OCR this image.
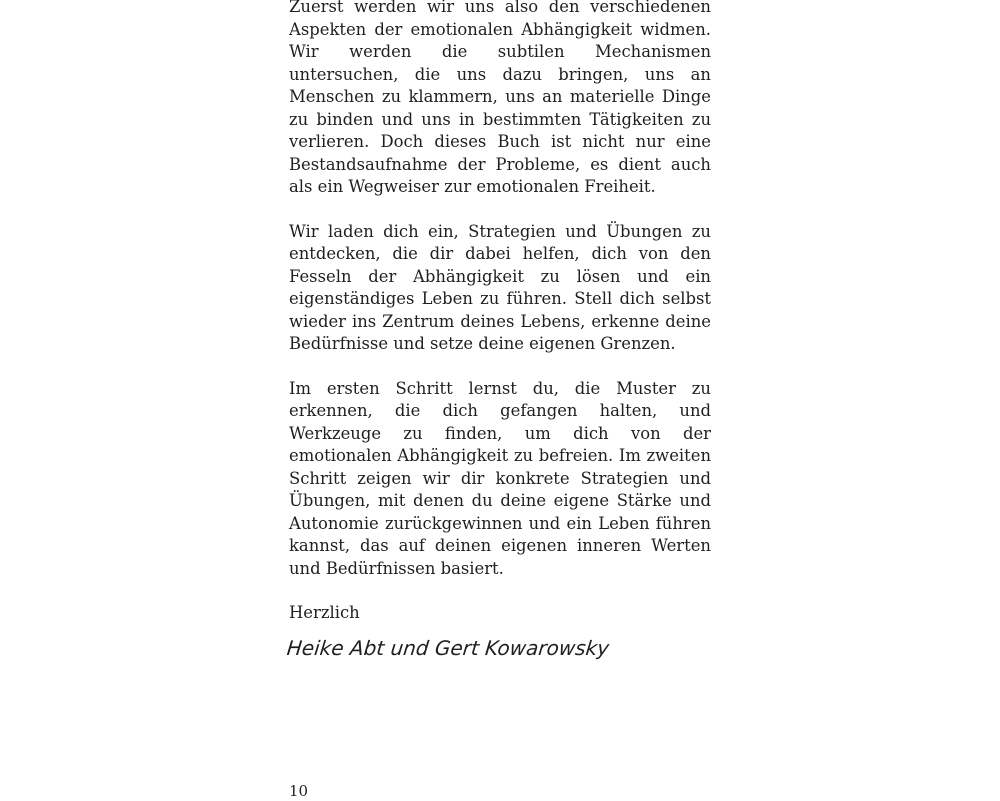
Zuerst werden wir uns also den verschiedenen Aspekten der emotionalen Abhängigkeit widmen. Wir werden die subtilen Mechanismen untersuchen, die uns dazu bringen, uns an Menschen zu klammern, uns an materielle Dinge zu binden und uns in bestimmten Tätigkeiten zu verlieren. Doch dieses Buch ist nicht nur eine Bestandsaufnahme der Probleme, es dient auch als ein Wegweiser zur emotionalen Freiheit.

Wir laden dich ein, Strategien und Übungen zu entdecken, die dir dabei helfen, dich von den Fesseln der Abhängigkeit zu lösen und ein eigenständiges Leben zu führen. Stell dich selbst wieder ins Zentrum deines Lebens, erkenne deine Bedürfnisse und setze deine eigenen Grenzen.

Im ersten Schritt lernst du, die Muster zu erkennen, die dich gefangen halten, und Werkzeuge zu finden, um dich von der emotionalen Abhängigkeit zu befreien. Im zweiten Schritt zeigen wir dir konkrete Strategien und Übungen, mit denen du deine eigene Stärke und Autonomie zurückgewinnen und ein Leben führen kannst, das auf deinen eigenen inneren Werten und Bedürfnissen basiert.

Herzlich

Heike Abt und Gert Kowarowsky
10
